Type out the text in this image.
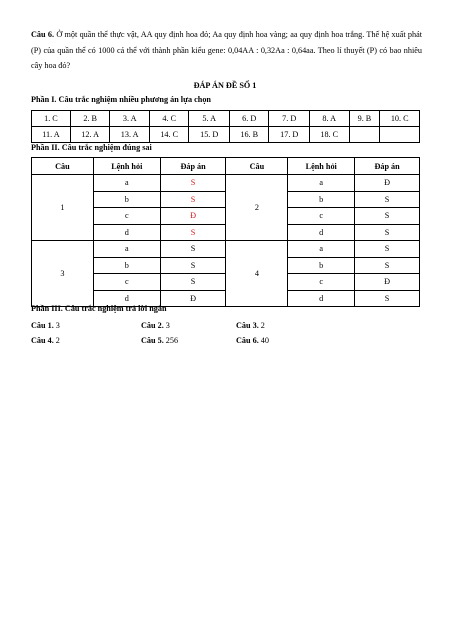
Câu 6. Ở một quần thể thực vật, AA quy định hoa đỏ; Aa quy định hoa vàng; aa quy định hoa trắng. Thế hệ xuất phát (P) của quần thể có 1000 cá thể với thành phần kiểu gene: 0,04AA : 0,32Aa : 0,64aa. Theo lí thuyết (P) có bao nhiêu cây hoa đỏ?
ĐÁP ÁN ĐỀ SỐ 1
Phần I. Câu trắc nghiệm nhiều phương án lựa chọn
1. C	2. B	3. A	4. C	5. A	6. D	7. D	8. A	9. B	10. C
11. A	12. A	13. A	14. C	15. D	16. B	17. D	18. C		
Phần II. Câu trắc nghiệm đúng sai
Câu	Lệnh hỏi	Đáp án	Câu	Lệnh hỏi	Đáp án
1	a	S	2	a	Đ
	b	S		b	S
	c	Đ		c	S
	d	S		d	S
3	a	S	4	a	S
	b	S		b	S
	c	S		c	Đ
	d	Đ		d	S
Phần III. Câu trắc nghiệm trả lời ngắn
Câu 1. 3	Câu 2. 3	Câu 3. 2
Câu 4. 2	Câu 5. 256	Câu 6. 40
